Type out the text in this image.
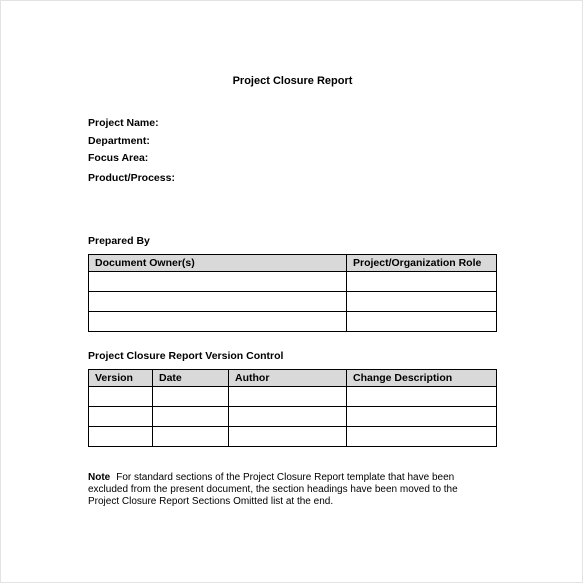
Project Closure Report
Project Name:
Department:
Focus Area:
Product/Process:
Prepared By
Document Owner(s)	Project/Organization Role

Project Closure Report Version Control
Version	Date	Author	Change Description

Note For standard sections of the Project Closure Report template that have been excluded from the present document, the section headings have been moved to the Project Closure Report Sections Omitted list at the end.
